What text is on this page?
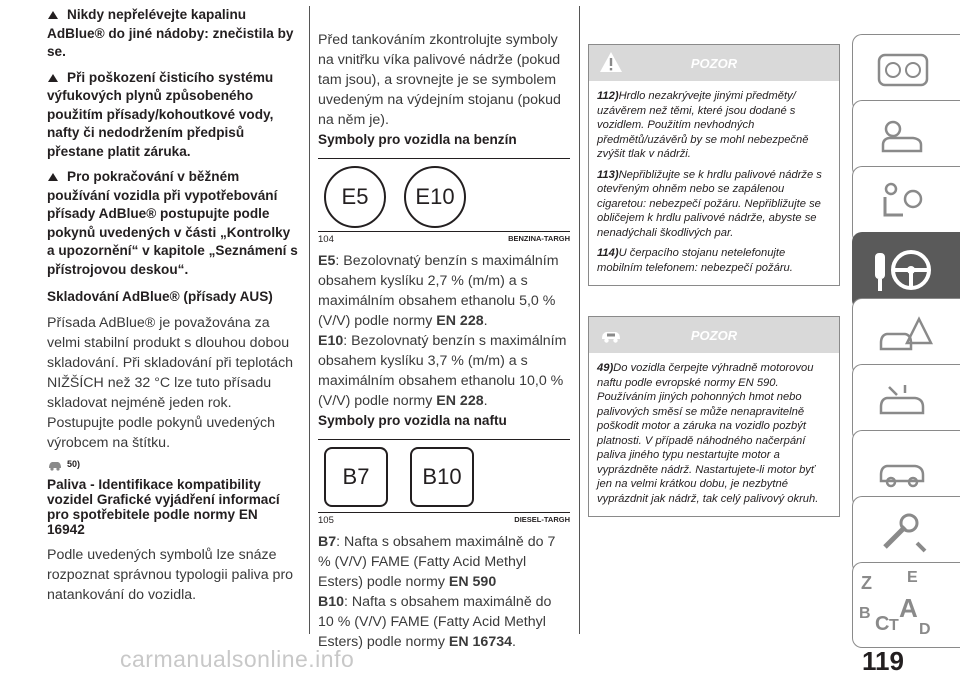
Nikdy nepřelévejte kapalinu AdBlue® do jiné nádoby: znečistila by se.
Při poškození čisticího systému výfukových plynů způsobeného použitím přísady/kohoutkové vody, nafty či nedodržením předpisů přestane platit záruka.
Pro pokračování v běžném používání vozidla při vypotřebování přísady AdBlue® postupujte podle pokynů uvedených v části „Kontrolky a upozornění“ v kapitole „Seznámení s přístrojovou deskou“.
Skladování AdBlue® (přísady AUS)
Přísada AdBlue® je považována za velmi stabilní produkt s dlouhou dobou skladování. Při skladování při teplotách NIŽŠÍCH než 32 °C lze tuto přísadu skladovat nejméně jeden rok. Postupujte podle pokynů uvedených výrobcem na štítku.
50)
Paliva - Identifikace kompatibility vozidel Grafické vyjádření informací pro spotřebitele podle normy EN 16942
Podle uvedených symbolů lze snáze rozpoznat správnou typologii paliva pro natankování do vozidla.
Před tankováním zkontrolujte symboly na vnitřku víka palivové nádrže (pokud tam jsou), a srovnejte je se symbolem uvedeným na výdejním stojanu (pokud na něm je).
Symboly pro vozidla na benzín
E5	E10
104	BENZINA-TARGH
E5: Bezolovnatý benzín s maximálním obsahem kyslíku 2,7 % (m/m) a s maximálním obsahem ethanolu 5,0 % (V/V) podle normy EN 228.
E10: Bezolovnatý benzín s maximálním obsahem kyslíku 3,7 % (m/m) a s maximálním obsahem ethanolu 10,0 % (V/V) podle normy EN 228.
Symboly pro vozidla na naftu
B7	B10
105	DIESEL-TARGH
B7: Nafta s obsahem maximálně do 7 % (V/V) FAME (Fatty Acid Methyl Esters) podle normy EN 590
B10: Nafta s obsahem maximálně do 10 % (V/V) FAME (Fatty Acid Methyl Esters) podle normy EN 16734.
POZOR

112)Hrdlo nezakrývejte jinými předměty/ uzávěrem než těmi, které jsou dodané s vozidlem. Použitím nevhodných předmětů/uzávěrů by se mohl nebezpečně zvýšit tlak v nádrži.

113)Nepřibližujte se k hrdlu palivové nádrže s otevřeným ohněm nebo se zapálenou cigaretou: nebezpečí požáru. Nepřibližujte se obličejem k hrdlu palivové nádrže, abyste se nenadýchali škodlivých par.

114)U čerpacího stojanu netelefonujte mobilním telefonem: nebezpečí požáru.

POZOR

49)Do vozidla čerpejte výhradně motorovou naftu podle evropské normy EN 590. Používáním jiných pohonných hmot nebo palivových směsí se může nenapravitelně poškodit motor a záruka na vozidlo pozbýt platnosti. V případě náhodného načerpání paliva jiného typu nestartujte motor a vyprázdněte nádrž. Nastartujete-li motor byť jen na velmi krátkou dobu, je nezbytné vyprázdnit jak nádrž, tak celý palivový okruh.

Z E
B A
C T D
119
carmanualsonline.info
